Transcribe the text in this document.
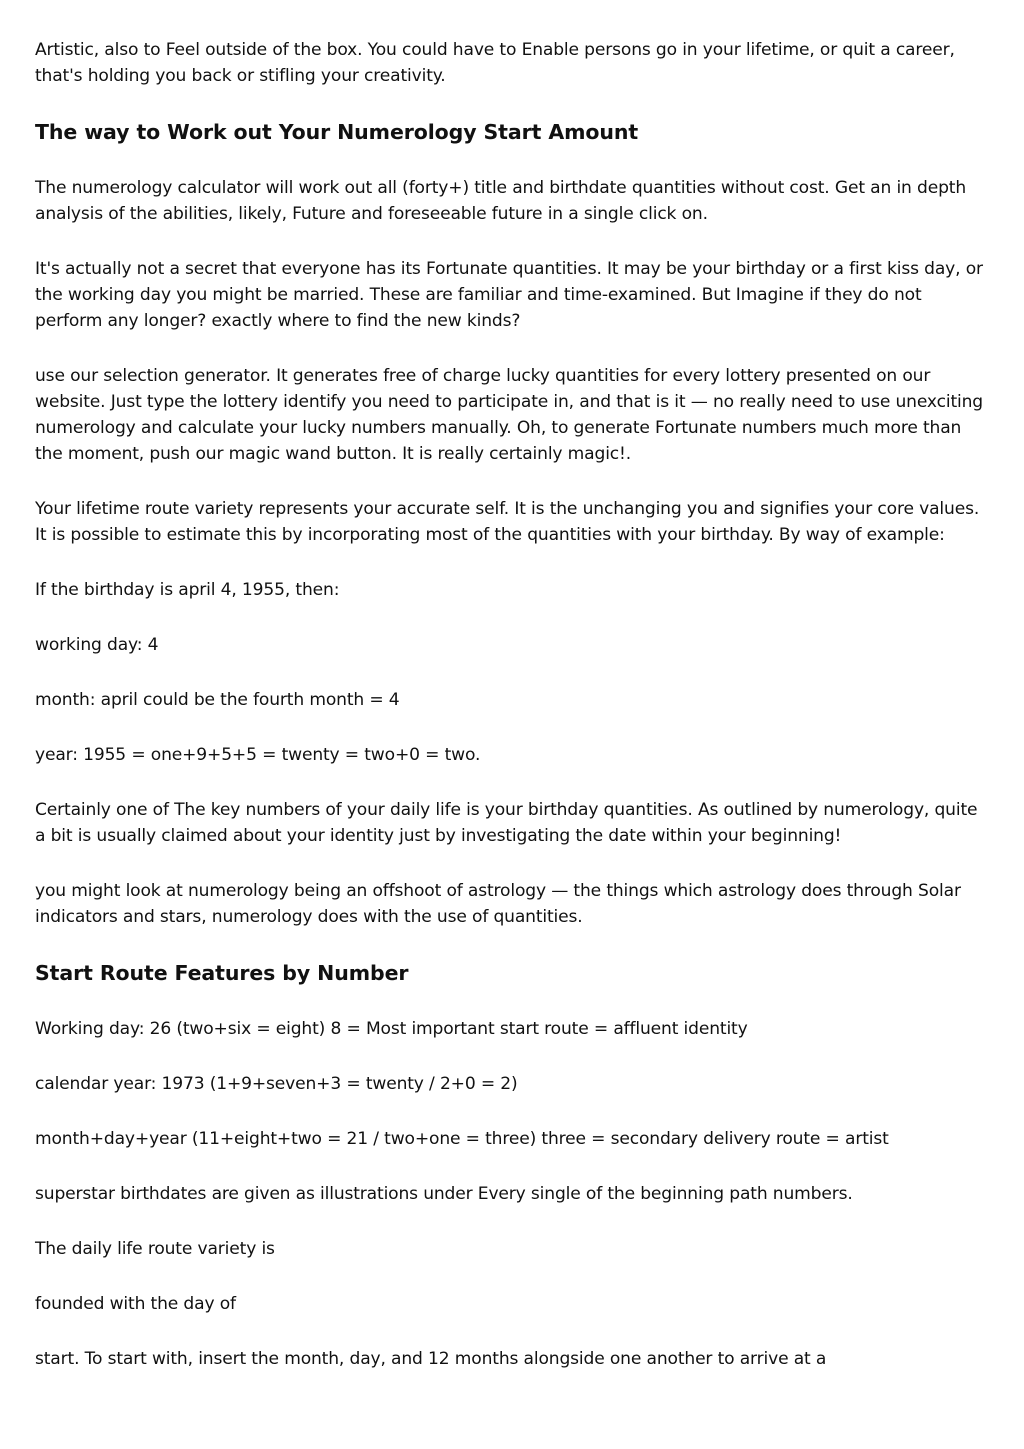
Artistic, also to Feel outside of the box. You could have to Enable persons go in your lifetime, or quit a career, that's holding you back or stifling your creativity.

The way to Work out Your Numerology Start Amount

The numerology calculator will work out all (forty+) title and birthdate quantities without cost. Get an in depth analysis of the abilities, likely, Future and foreseeable future in a single click on.

It's actually not a secret that everyone has its Fortunate quantities. It may be your birthday or a first kiss day, or the working day you might be married. These are familiar and time-examined. But Imagine if they do not perform any longer? exactly where to find the new kinds?

use our selection generator. It generates free of charge lucky quantities for every lottery presented on our website. Just type the lottery identify you need to participate in, and that is it — no really need to use unexciting numerology and calculate your lucky numbers manually. Oh, to generate Fortunate numbers much more than the moment, push our magic wand button. It is really certainly magic!.

Your lifetime route variety represents your accurate self. It is the unchanging you and signifies your core values. It is possible to estimate this by incorporating most of the quantities with your birthday. By way of example:

If the birthday is april 4, 1955, then:

working day: 4

month: april could be the fourth month = 4

year: 1955 = one+9+5+5 = twenty = two+0 = two.

Certainly one of The key numbers of your daily life is your birthday quantities. As outlined by numerology, quite a bit is usually claimed about your identity just by investigating the date within your beginning!

you might look at numerology being an offshoot of astrology — the things which astrology does through Solar indicators and stars, numerology does with the use of quantities.

Start Route Features by Number

Working day: 26 (two+six = eight) 8 = Most important start route = affluent identity

calendar year: 1973 (1+9+seven+3 = twenty / 2+0 = 2)

month+day+year (11+eight+two = 21 / two+one = three) three = secondary delivery route = artist

superstar birthdates are given as illustrations under Every single of the beginning path numbers.

The daily life route variety is

founded with the day of

start. To start with, insert the month, day, and 12 months alongside one another to arrive at a
